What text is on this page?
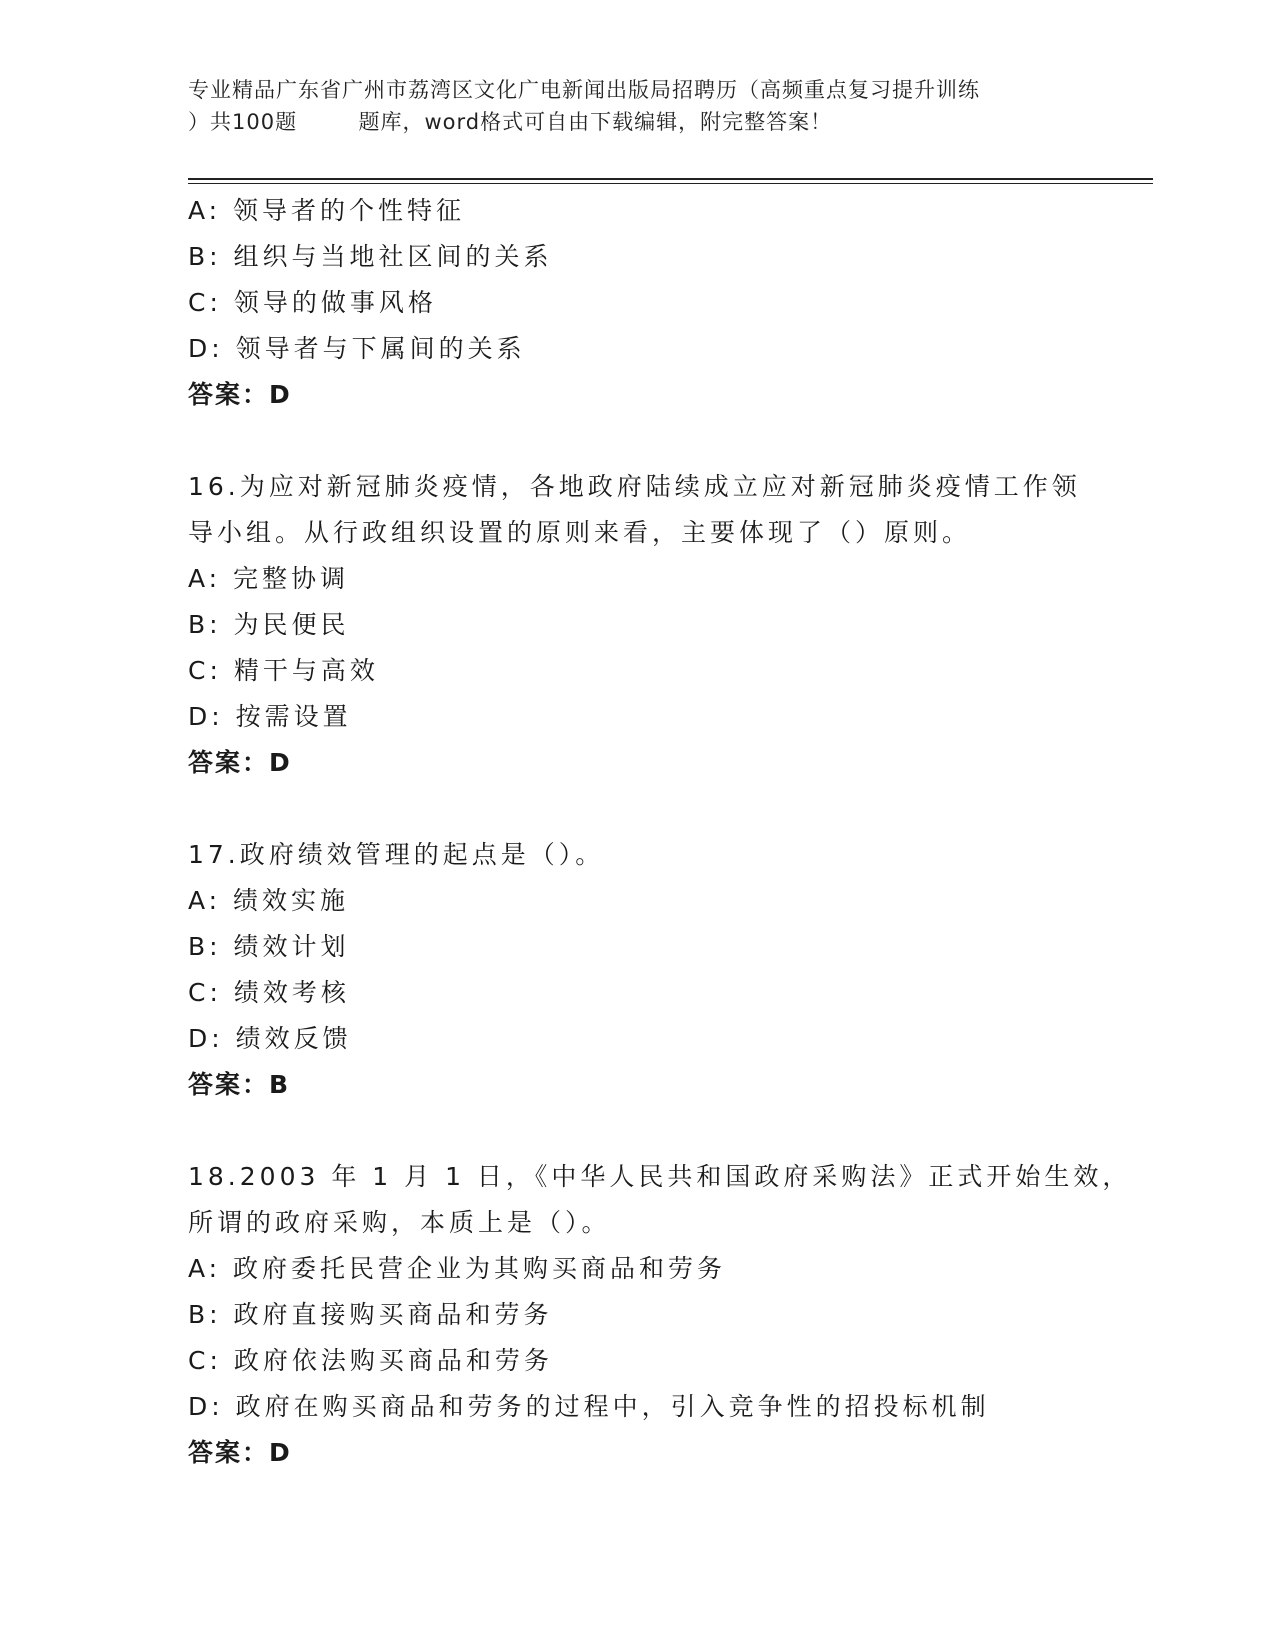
专业精品广东省广州市荔湾区文化广电新闻出版局招聘历（高频重点复习提升训练
）共100题        题库，word格式可自由下载编辑，附完整答案！
A: 领导者的个性特征
B: 组织与当地社区间的关系
C: 领导的做事风格
D: 领导者与下属间的关系
答案：D
16.为应对新冠肺炎疫情，各地政府陆续成立应对新冠肺炎疫情工作领
导小组。从行政组织设置的原则来看，主要体现了（）原则。
A: 完整协调
B: 为民便民
C: 精干与高效
D: 按需设置
答案：D
17.政府绩效管理的起点是（）。
A: 绩效实施
B: 绩效计划
C: 绩效考核
D: 绩效反馈
答案：B
18.2003 年 1 月 1 日，《中华人民共和国政府采购法》正式开始生效，
所谓的政府采购，本质上是（）。
A: 政府委托民营企业为其购买商品和劳务
B: 政府直接购买商品和劳务
C: 政府依法购买商品和劳务
D: 政府在购买商品和劳务的过程中，引入竞争性的招投标机制
答案：D
